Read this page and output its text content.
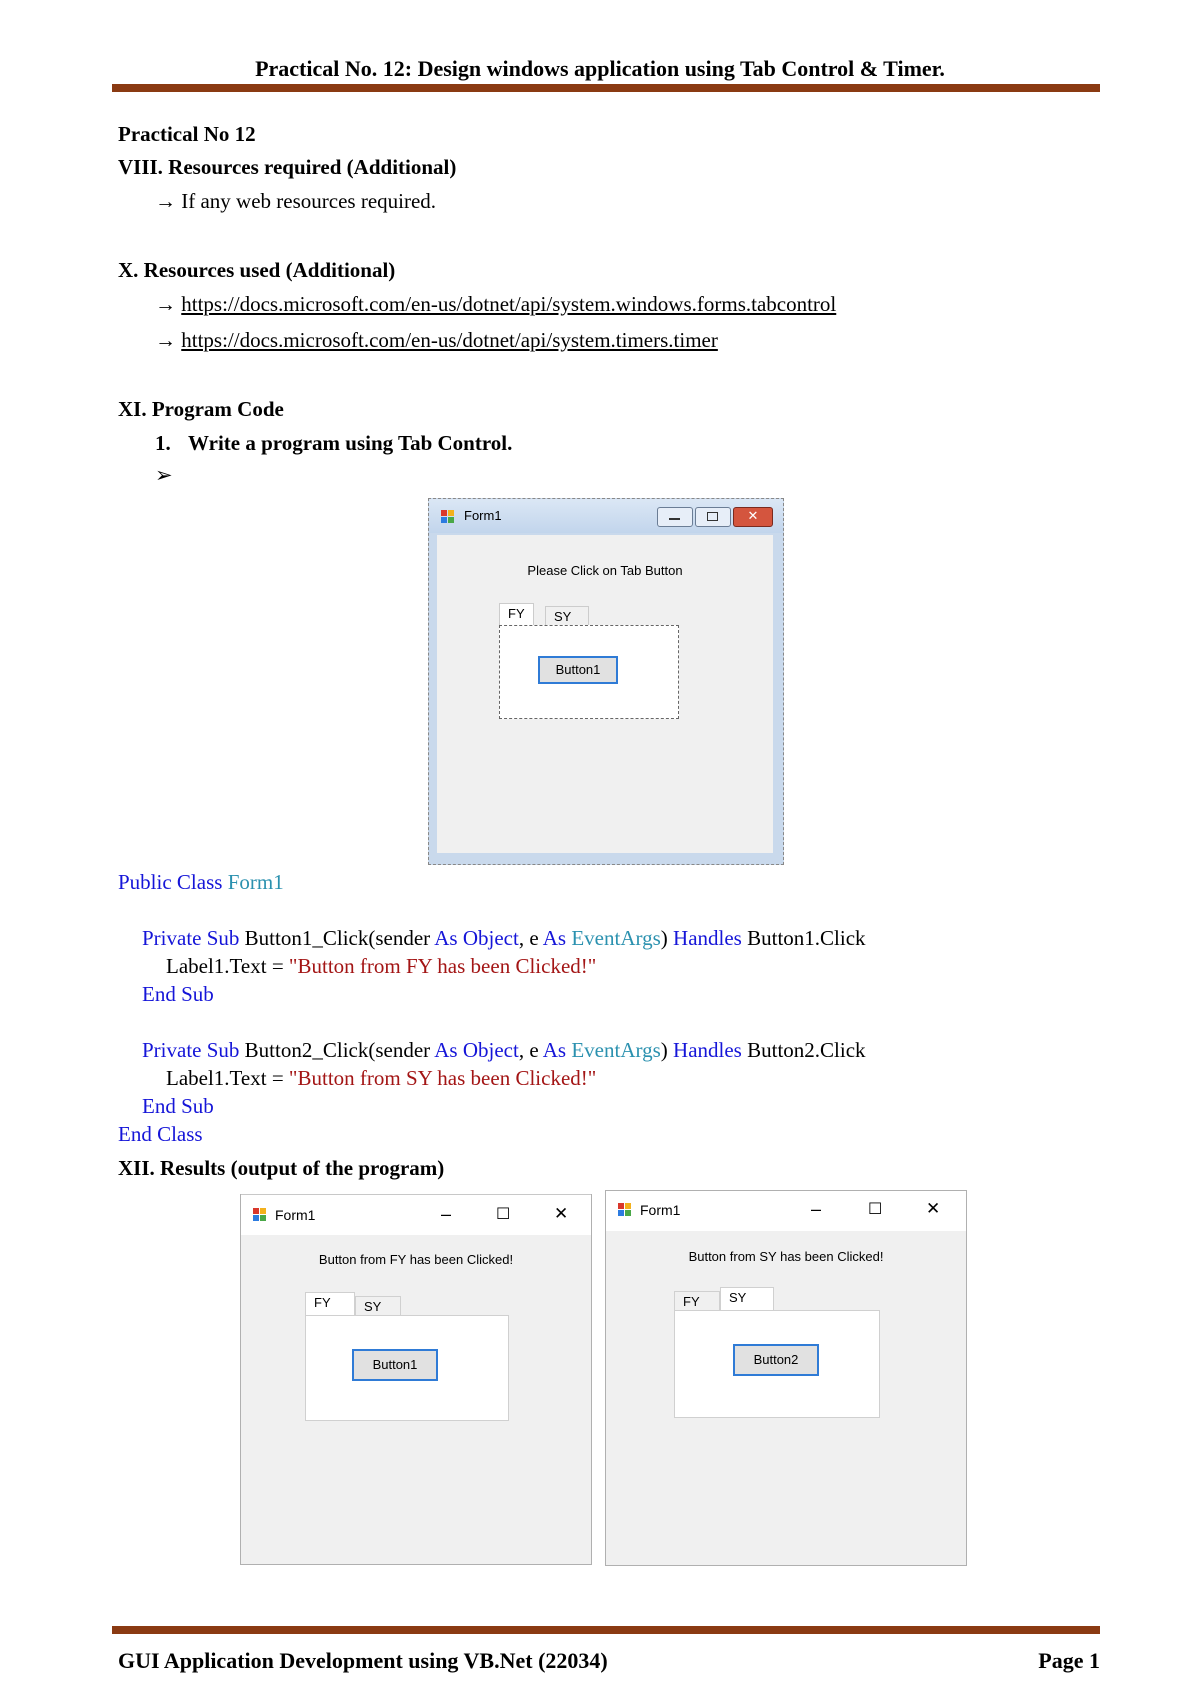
Practical No. 12: Design windows application using Tab Control & Timer.
Practical No 12
VIII. Resources required (Additional)
→ If any web resources required.
X. Resources used (Additional)
→ https://docs.microsoft.com/en-us/dotnet/api/system.windows.forms.tabcontrol
→ https://docs.microsoft.com/en-us/dotnet/api/system.timers.timer
XI. Program Code
1. Write a program using Tab Control.
➢
Form1	✕
Please Click on Tab Button
FY	SY
Button1
Public Class Form1
Private Sub Button1_Click(sender As Object, e As EventArgs) Handles Button1.Click
Label1.Text = "Button from FY has been Clicked!"
End Sub
Private Sub Button2_Click(sender As Object, e As EventArgs) Handles Button2.Click
Label1.Text = "Button from SY has been Clicked!"
End Sub
End Class
XII. Results (output of the program)
Form1	–	☐	✕
Button from FY has been Clicked!
FY	SY
Button1
Form1	–	☐	✕
Button from SY has been Clicked!
FY	SY
Button2
GUI Application Development using VB.Net (22034)	Page 1
